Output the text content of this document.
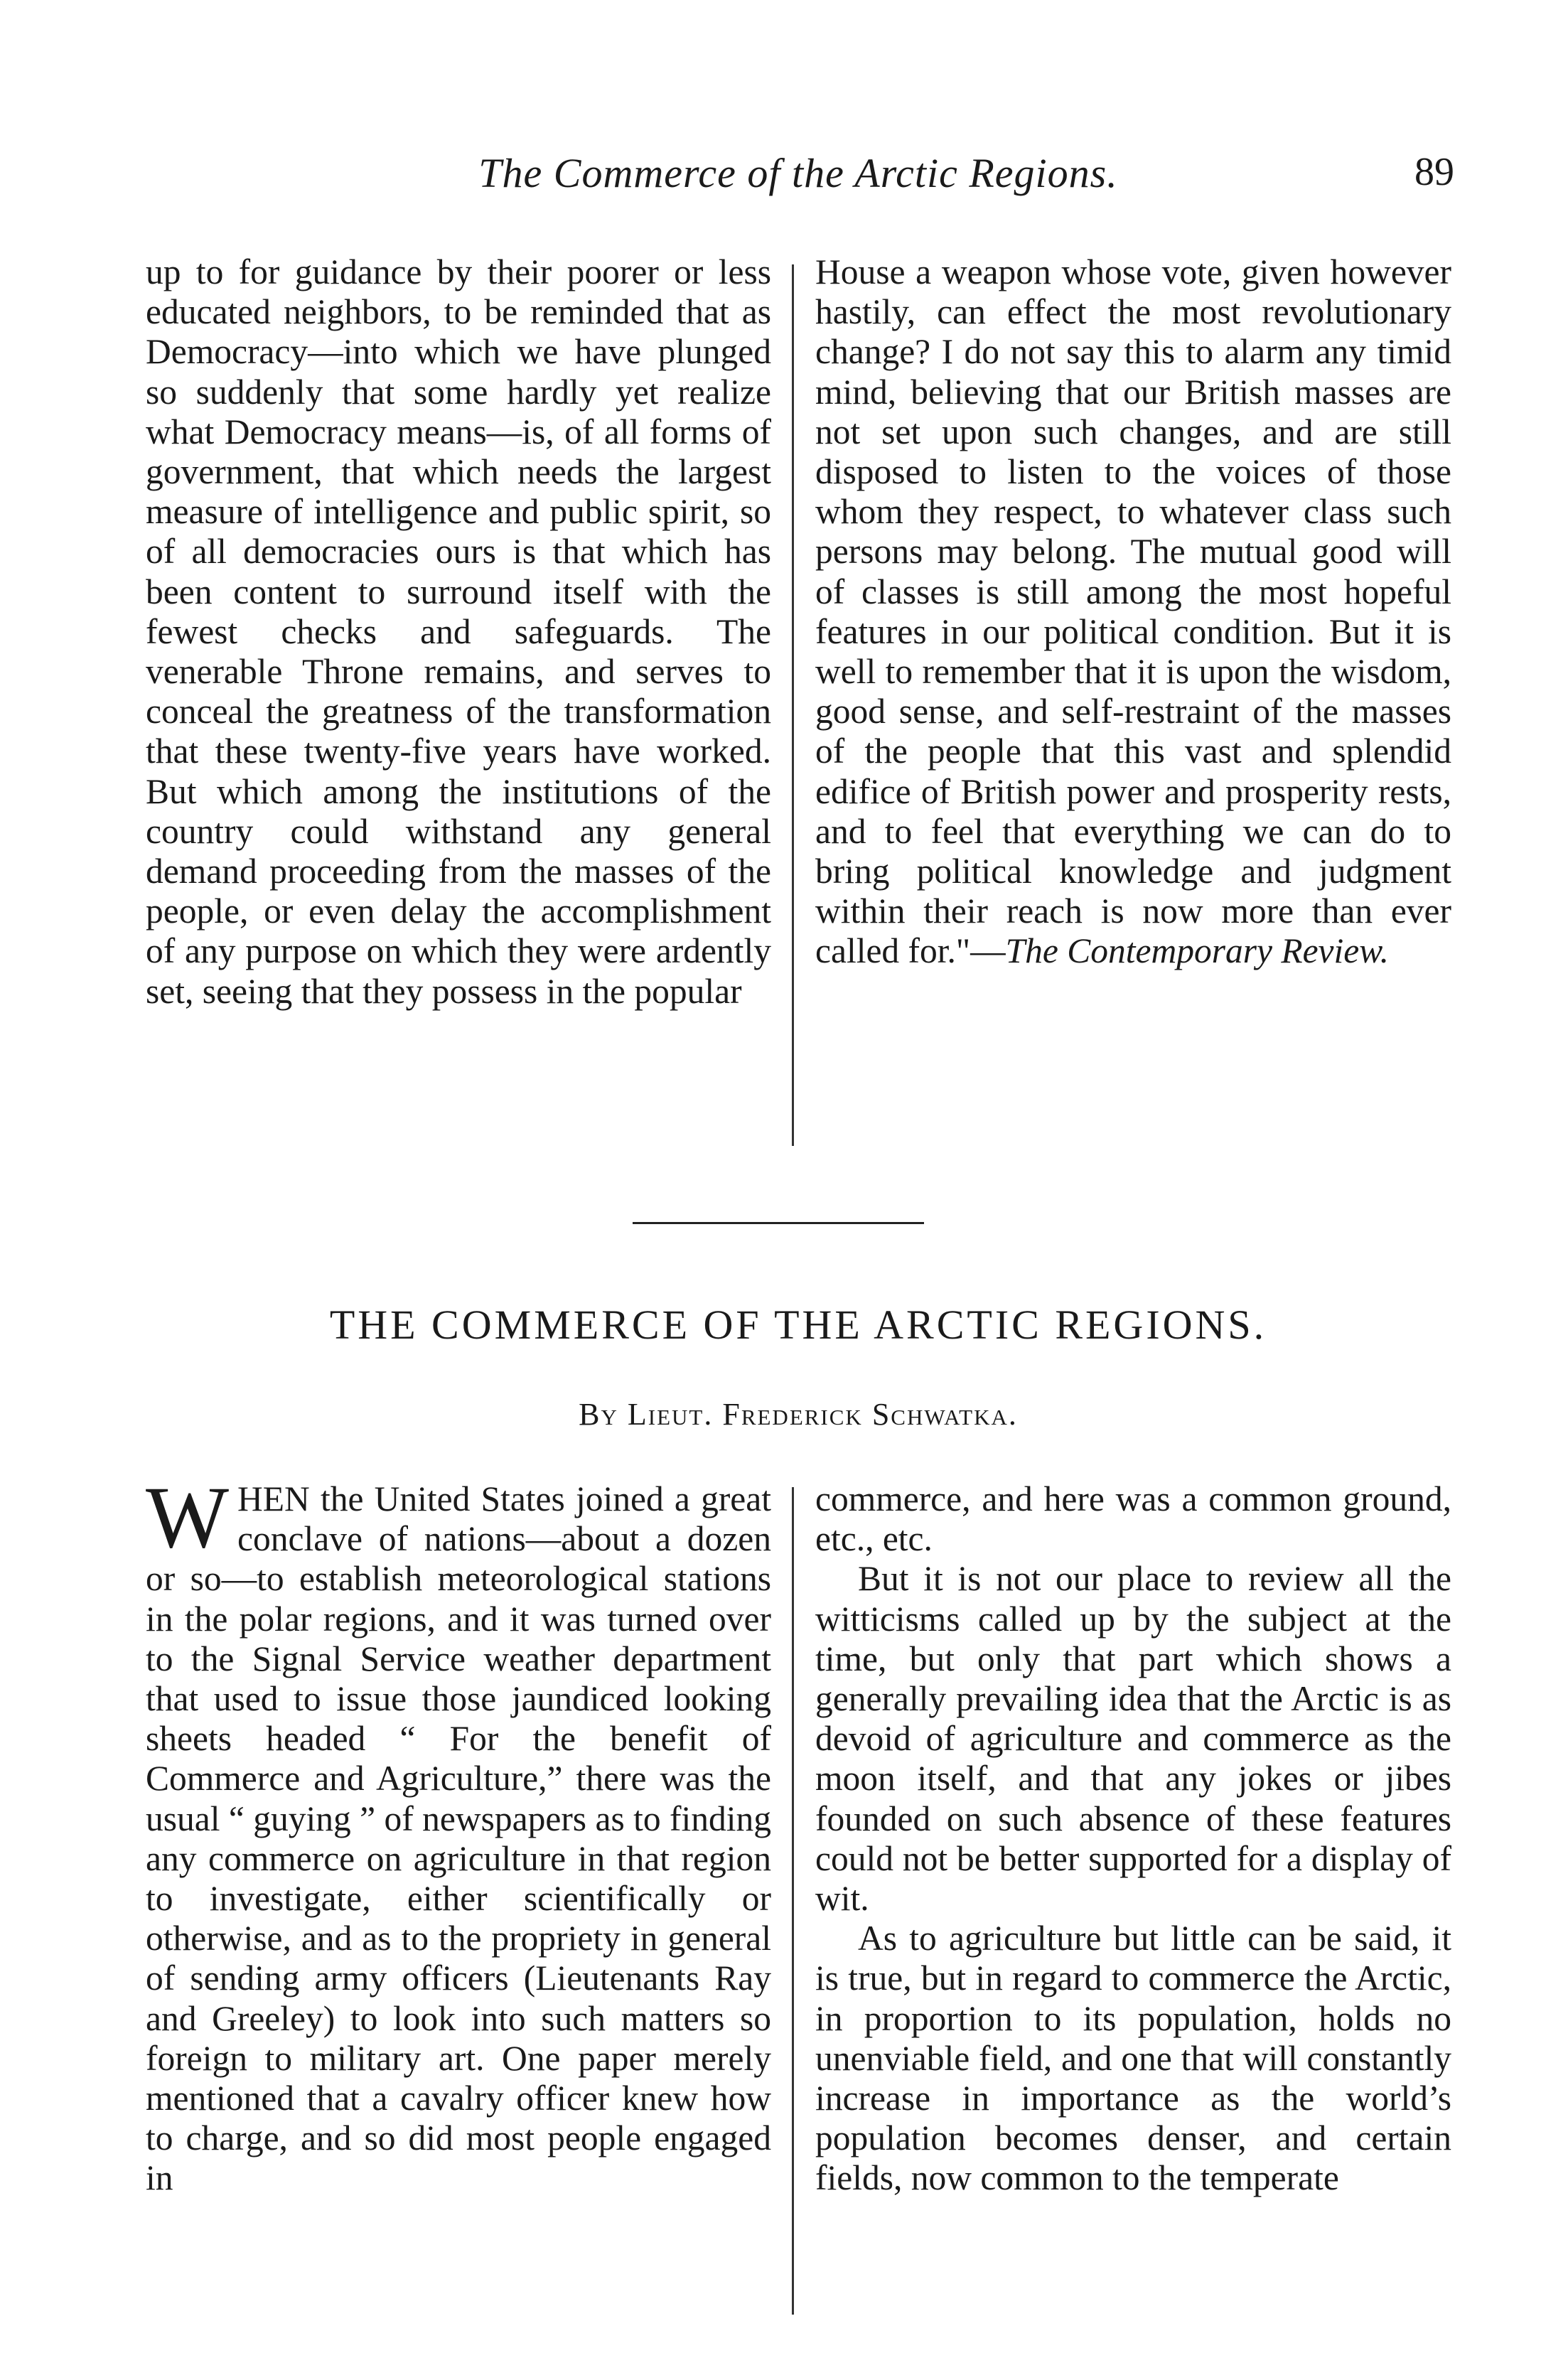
The Commerce of the Arctic Regions.	89

up to for guidance by their poorer or less educated neighbors, to be reminded that as Democracy—into which we have plunged so suddenly that some hardly yet realize what Democracy means—is, of all forms of government, that which needs the largest measure of intelligence and public spirit, so of all democracies ours is that which has been content to surround itself with the fewest checks and safeguards. The venerable Throne remains, and serves to conceal the greatness of the transformation that these twenty-five years have worked. But which among the institutions of the country could withstand any general demand proceeding from the masses of the people, or even delay the accomplishment of any purpose on which they were ardently set, seeing that they possess in the popular

House a weapon whose vote, given however hastily, can effect the most revolutionary change? I do not say this to alarm any timid mind, believing that our British masses are not set upon such changes, and are still disposed to listen to the voices of those whom they respect, to whatever class such persons may belong. The mutual good will of classes is still among the most hopeful features in our political condition. But it is well to remember that it is upon the wisdom, good sense, and self-restraint of the masses of the people that this vast and splendid edifice of British power and prosperity rests, and to feel that everything we can do to bring political knowledge and judgment within their reach is now more than ever called for."—The Contemporary Review.

THE COMMERCE OF THE ARCTIC REGIONS.
By Lieut. Frederick Schwatka.

WHEN the United States joined a great conclave of nations—about a dozen or so—to establish meteorological stations in the polar regions, and it was turned over to the Signal Service weather department that used to issue those jaundiced looking sheets headed “ For the benefit of Commerce and Agriculture,” there was the usual “ guying ” of newspapers as to finding any commerce on agriculture in that region to investigate, either scientifically or otherwise, and as to the propriety in general of sending army officers (Lieutenants Ray and Greeley) to look into such matters so foreign to military art. One paper merely mentioned that a cavalry officer knew how to charge, and so did most people engaged in

commerce, and here was a common ground, etc., etc.

But it is not our place to review all the witticisms called up by the subject at the time, but only that part which shows a generally prevailing idea that the Arctic is as devoid of agriculture and commerce as the moon itself, and that any jokes or jibes founded on such absence of these features could not be better supported for a display of wit.

As to agriculture but little can be said, it is true, but in regard to commerce the Arctic, in proportion to its population, holds no unenviable field, and one that will constantly increase in importance as the world’s population becomes denser, and certain fields, now common to the temperate
